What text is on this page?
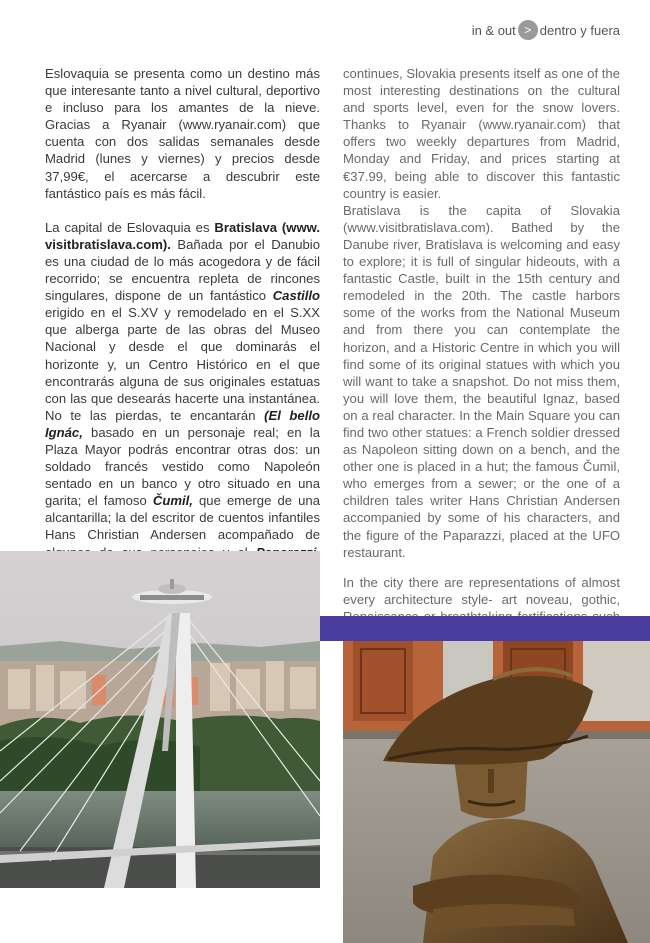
in & out > dentro y fuera

Eslovaquia se presenta como un destino más que interesante tanto a nivel cultural, deportivo e incluso para los amantes de la nieve. Gracias a Ryanair (www.ryanair.com) que cuenta con dos salidas semanales desde Madrid (lunes y viernes) y precios desde 37,99€, el acercarse a descubrir este fantástico país es más fácil.

La capital de Eslovaquia es Bratislava (www. visitbratislava.com). Bañada por el Danubio es una ciudad de lo más acogedora y de fácil recorrido; se encuentra repleta de rincones singulares, dispone de un fantástico Castillo erigido en el S.XV y remodelado en el S.XX que alberga parte de las obras del Museo Nacional y desde el que dominarás el horizonte y, un Centro Histórico en el que encontrarás alguna de sus originales estatuas con las que desearás hacerte una instantánea. No te las pierdas, te encantarán (El bello Ignác, basado en un personaje real; en la Plaza Mayor podrás encontrar otras dos: un soldado francés vestido como Napoleón sentado en un banco y otro situado en una garita; el famoso Čumil, que emerge de una alcantarilla; la del escritor de cuentos infantiles Hans Christian Andersen acompañado de

continues, Slovakia presents itself as one of the most interesting destinations on the cultural and sports level, even for the snow lovers. Thanks to Ryanair (www.ryanair.com) that offers two weekly departures from Madrid, Monday and Friday, and prices starting at €37.99, being able to discover this fantastic country is easier.

Bratislava is the capita of Slovakia (www.visitbratislava.com). Bathed by the Danube river, Bratislava is welcoming and easy to explore; it is full of singular hideouts, with a fantastic Castle, built in the 15th century and remodeled in the 20th. The castle harbors some of the works from the National Museum and from there you can contemplate the horizon, and a Historic Centre in which you will find some of its original statues with which you will want to take a snapshot. Do not miss them, you will love them, the beautiful Ignaz, based on a real character. In the Main Square you can find two other statues: a French soldier dressed as Napoleon sitting down on a bench, and the other one is placed in a hut; the famous Čumil, who emerges from a sewer; or the one of a children tales writer Hans Christian Andersen accompanied by some of his characters, and the figure of the Paparazzi, placed at the UFO restaurant.

In the city there are representations of almost every architecture style- art noveau, gothic,
